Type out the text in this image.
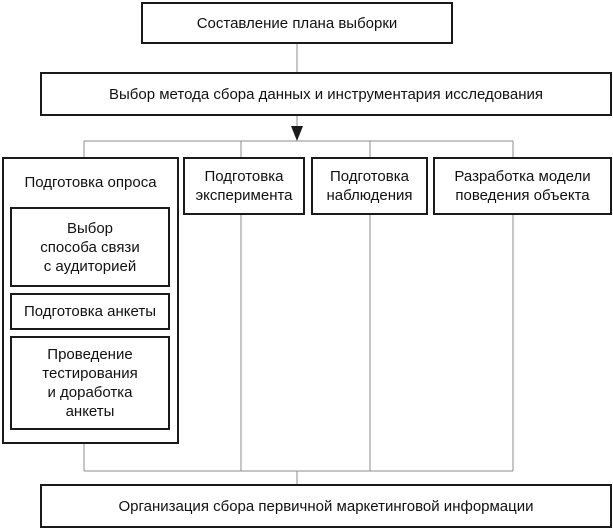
Составление плана выборки
Выбор метода сбора данных и инструментария исследования
Подготовка опроса
Выбор
способа связи
с аудиторией
Подготовка анкеты
Проведение
тестирования
и доработка
анкеты
Подготовка
эксперимента
Подготовка
наблюдения
Разработка модели
поведения объекта
Организация сбора первичной маркетинговой информации
